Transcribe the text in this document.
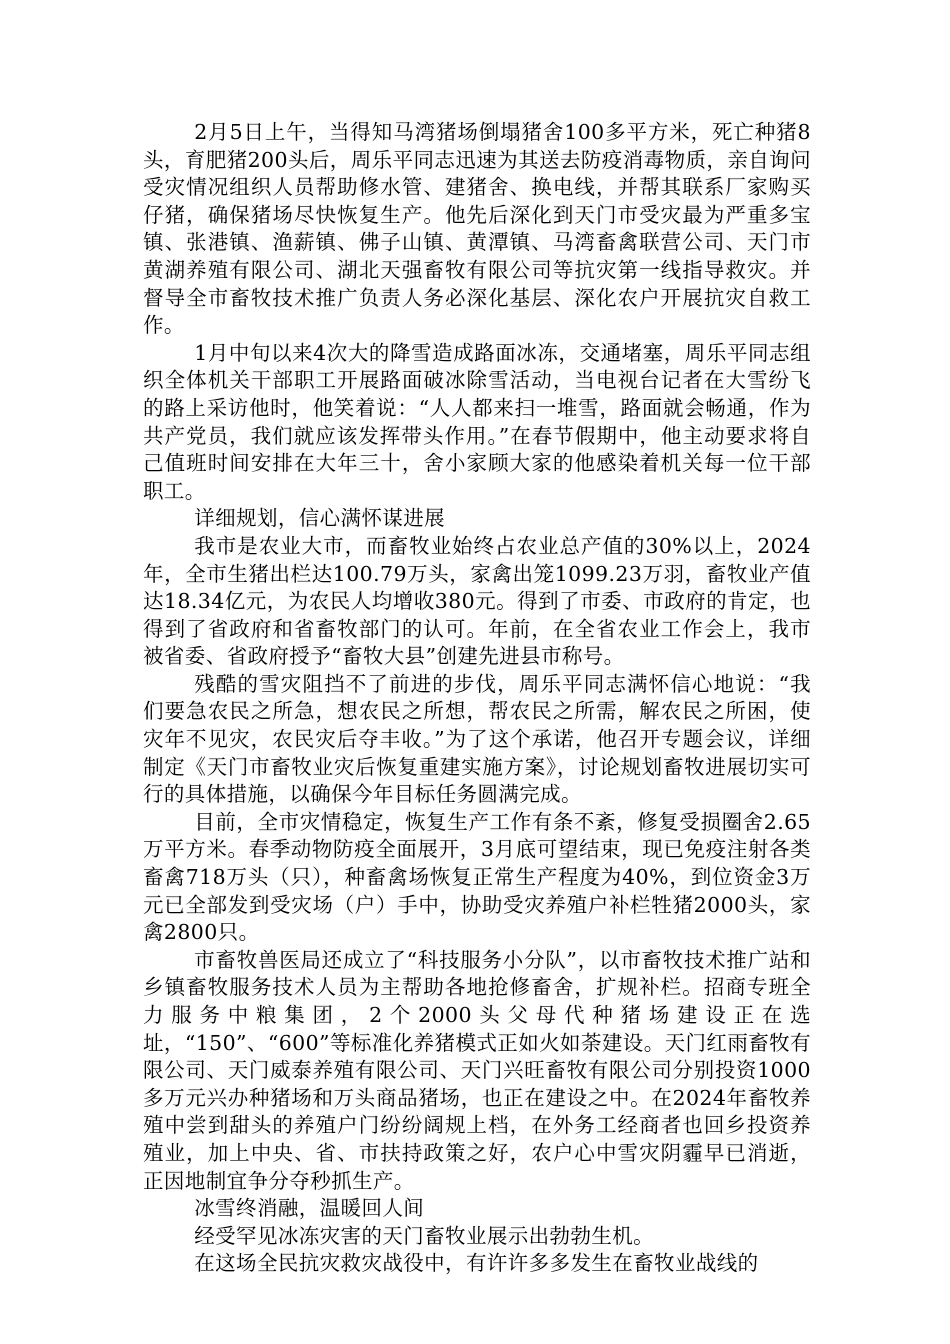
2月5日上午，当得知马湾猪场倒塌猪舍100多平方米，死亡种猪8头，育肥猪200头后，周乐平同志迅速为其送去防疫消毒物质，亲自询问受灾情况组织人员帮助修水管、建猪舍、换电线，并帮其联系厂家购买仔猪，确保猪场尽快恢复生产。他先后深化到天门市受灾最为严重多宝镇、张港镇、渔薪镇、佛子山镇、黄潭镇、马湾畜禽联营公司、天门市黄湖养殖有限公司、湖北天强畜牧有限公司等抗灾第一线指导救灾。并督导全市畜牧技术推广负责人务必深化基层、深化农户开展抗灾自救工作。

1月中旬以来4次大的降雪造成路面冰冻，交通堵塞，周乐平同志组织全体机关干部职工开展路面破冰除雪活动，当电视台记者在大雪纷飞的路上采访他时，他笑着说：“人人都来扫一堆雪，路面就会畅通，作为共产党员，我们就应该发挥带头作用。”在春节假期中，他主动要求将自己值班时间安排在大年三十，舍小家顾大家的他感染着机关每一位干部职工。

详细规划，信心满怀谋进展

我市是农业大市，而畜牧业始终占农业总产值的30%以上，2024年，全市生猪出栏达100.79万头，家禽出笼1099.23万羽，畜牧业产值达18.34亿元，为农民人均增收380元。得到了市委、市政府的肯定，也得到了省政府和省畜牧部门的认可。年前，在全省农业工作会上，我市被省委、省政府授予“畜牧大县”创建先进县市称号。

残酷的雪灾阻挡不了前进的步伐，周乐平同志满怀信心地说：“我们要急农民之所急，想农民之所想，帮农民之所需，解农民之所困，使灾年不见灾，农民灾后夺丰收。”为了这个承诺，他召开专题会议，详细制定《天门市畜牧业灾后恢复重建实施方案》，讨论规划畜牧进展切实可行的具体措施，以确保今年目标任务圆满完成。

目前，全市灾情稳定，恢复生产工作有条不紊，修复受损圈舍2.65万平方米。春季动物防疫全面展开，3月底可望结束，现已免疫注射各类畜禽718万头（只），种畜禽场恢复正常生产程度为40%，到位资金3万元已全部发到受灾场（户）手中，协助受灾养殖户补栏牲猪2000头，家禽2800只。

市畜牧兽医局还成立了“科技服务小分队”，以市畜牧技术推广站和乡镇畜牧服务技术人员为主帮助各地抢修畜舍，扩规补栏。招商专班全力服务中粮集团，2个2000头父母代种猪场建设正在选址，“150”、“600”等标准化养猪模式正如火如荼建设。天门红雨畜牧有限公司、天门威泰养殖有限公司、天门兴旺畜牧有限公司分别投资1000多万元兴办种猪场和万头商品猪场，也正在建设之中。在2024年畜牧养殖中尝到甜头的养殖户门纷纷阔规上档，在外务工经商者也回乡投资养殖业，加上中央、省、市扶持政策之好，农户心中雪灾阴霾早已消逝，正因地制宜争分夺秒抓生产。

冰雪终消融，温暖回人间

经受罕见冰冻灾害的天门畜牧业展示出勃勃生机。

在这场全民抗灾救灾战役中，有许许多多发生在畜牧业战线的
